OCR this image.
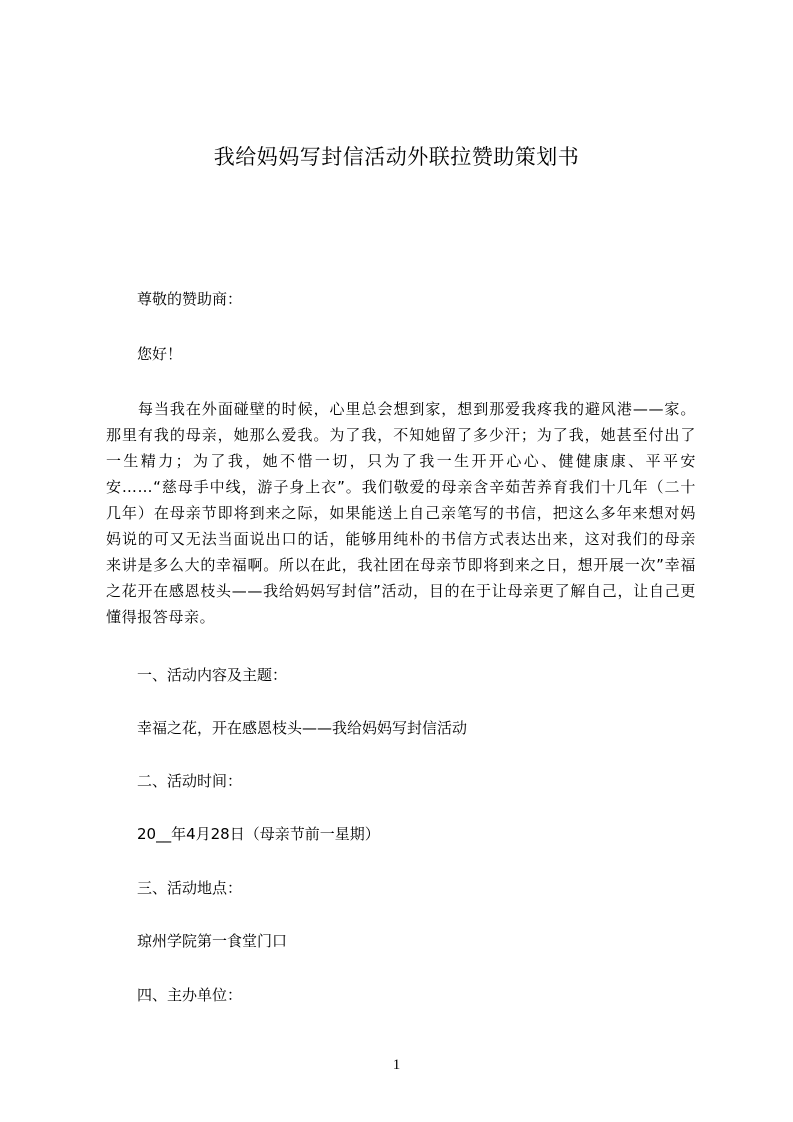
我给妈妈写封信活动外联拉赞助策划书
尊敬的赞助商：
您好！
每当我在外面碰壁的时候，心里总会想到家，想到那爱我疼我的避风港——家。那里有我的母亲，她那么爱我。为了我，不知她留了多少汗；为了我，她甚至付出了一生精力；为了我，她不惜一切，只为了我一生开开心心、健健康康、平平安安……“慈母手中线，游子身上衣”。我们敬爱的母亲含辛茹苦养育我们十几年（二十几年）在母亲节即将到来之际，如果能送上自己亲笔写的书信，把这么多年来想对妈妈说的可又无法当面说出口的话，能够用纯朴的书信方式表达出来，这对我们的母亲来讲是多么大的幸福啊。所以在此，我社团在母亲节即将到来之日，想开展一次”幸福之花开在感恩枝头——我给妈妈写封信”活动，目的在于让母亲更了解自己，让自己更懂得报答母亲。
一、活动内容及主题：
幸福之花，开在感恩枝头——我给妈妈写封信活动
二、活动时间：
20__年4月28日（母亲节前一星期）
三、活动地点：
琼州学院第一食堂门口
四、主办单位：
1
